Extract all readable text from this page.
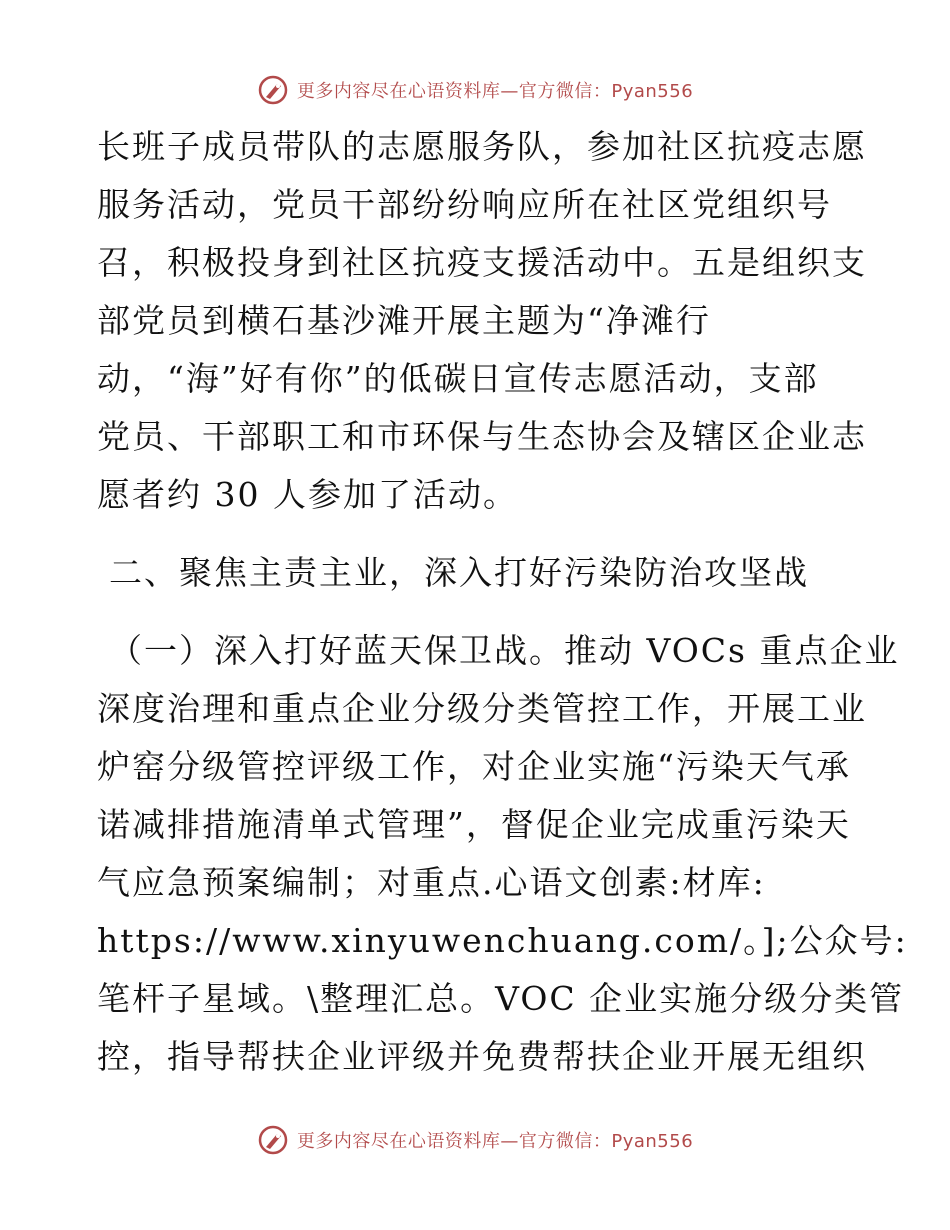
更多内容尽在心语资料库—官方微信：Pyan556
长班子成员带队的志愿服务队，参加社区抗疫志愿
服务活动，党员干部纷纷响应所在社区党组织号
召，积极投身到社区抗疫支援活动中。五是组织支
部党员到横石基沙滩开展主题为“净滩行
动，“海”好有你”的低碳日宣传志愿活动，支部
党员、干部职工和市环保与生态协会及辖区企业志
愿者约 30 人参加了活动。
二、聚焦主责主业，深入打好污染防治攻坚战
（一）深入打好蓝天保卫战。推动 VOCs 重点企业
深度治理和重点企业分级分类管控工作，开展工业
炉窑分级管控评级工作，对企业实施“污染天气承
诺减排措施清单式管理”，督促企业完成重污染天
气应急预案编制；对重点.心语文创素:材库:
https://www.xinyuwenchuang.com/。];公众号:
笔杆子星域。\整理汇总。VOC 企业实施分级分类管
控，指导帮扶企业评级并免费帮扶企业开展无组织
更多内容尽在心语资料库—官方微信：Pyan556
